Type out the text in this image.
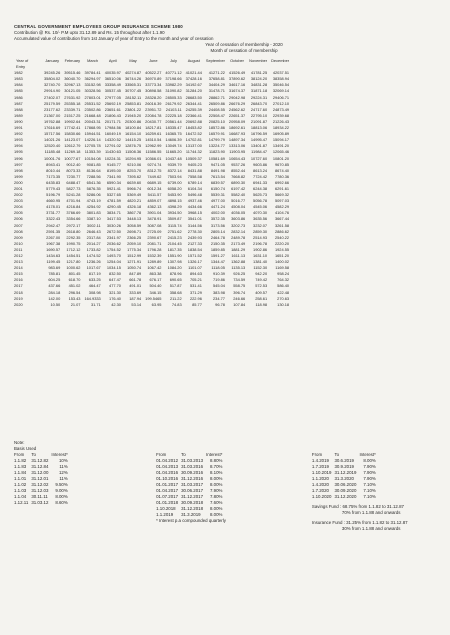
CENTRAL GOVERNMENT EMPLOYEES GROUP INSURANCE SCHEME 1980
Contribution @ Rs. 10/- P.M upto 31.12.89 and Rs. 15 throughout after 1.1.90
Accumulated value of contribution from 1st January of year of Entry to the month and year of cessation
Year of cessation of membership - 2020
Month of cessation of membership
Year of	January	February	March	April	May	June	July	August	September	October	November	December
Entry												
1982	39245.26	39515.46	39784.41	40035.97	40274.87	40522.27	40771.12	41021.44	41271.22	41526.49	41781.25	42037.51
1983	35804.02	36040.70	36294.97	36510.06	36744.26	36970.89	37198.66	37428.16	37658.81	37890.62	38124.20	38358.94
1984	32740.70	32967.13	33152.98	33358.49	33565.31	33773.34	33982.29	34192.67	34404.29	34617.16	34831.28	35046.54
1985	29914.90	30121.05	30328.56	30537.45	30707.45	30898.58	31090.82	31284.20	31478.71	31674.37	31871.18	32069.14
1986	27402.07	27631.92	27803.01	27977.05	28152.11	28328.20	28505.33	28683.50	28862.71	29042.98	29224.31	29406.71
1987	25179.59	25355.18	25531.52	25692.19	25853.81	26016.39	26179.92	26344.41	26509.86	26676.29	26843.70	27012.10
1988	23177.62	23339.71	23502.86	23651.61	23801.22	23951.72	24103.11	24255.39	24408.55	24562.62	24717.60	24873.49
1989	21367.00	21517.25	21668.48	21806.43	21945.20	22084.78	22225.18	22366.41	22508.47	22651.37	22795.10	22939.68
1990	19762.88	19902.64	20043.31	20171.71	20300.86	20430.77	20561.44	20692.88	20825.10	20958.09	21091.87	21226.43
1991	17616.69	17742.41	17868.95	17984.56	18100.84	18217.81	18335.47	18453.82	18572.86	18692.61	18813.06	18934.22
1992	15717.56	15830.66	15944.51	16049.19	16154.10	16259.61	16365.75	16472.52	16579.91	16687.93	16796.59	16905.89
1993	14021.26	14123.07	14226.14	14320.52	14415.25	14510.54	14606.39	14702.81	14799.79	14897.34	14995.47	15094.17
1994	12520.40	12612.79	12705.78	12791.02	12876.75	12962.99	13049.74	13137.00	13224.77	13313.06	13401.87	13491.20
1995	11185.48	11269.18	11353.39	11430.63	11508.36	11586.55	11665.20	11744.32	11823.90	11903.95	11984.47	12065.46
1996	10001.76	10077.67	10154.08	10224.31	10294.95	10366.01	10437.48	10509.37	10581.69	10654.43	10727.60	10801.20
1997	8943.41	9012.40	9081.85	9145.77	9210.06	9274.74	9339.79	9405.23	9471.05	9537.26	9603.86	9670.85
1998	8010.44	8073.33	8136.64	8195.00	8253.70	8312.75	8372.14	8431.88	8491.98	8552.44	8613.24	8674.40
1999	7173.35	7230.77	7288.56	7341.90	7395.62	7449.62	7503.94	7558.58	7613.54	7668.82	7724.42	7780.36
2000	6435.83	6488.47	6541.36	6590.34	6639.60	6689.15	6739.00	6789.14	6839.57	6890.30	6941.33	6992.66
2001	5779.43	5827.73	5876.35	5921.41	5966.74	6012.34	6058.20	6104.34	6150.74	6197.42	6244.38	6291.61
2002	5196.79	5241.28	5286.06	5327.65	5369.49	5411.57	5453.90	5496.48	5539.31	5582.40	5625.73	5669.32
2003	4660.95	4701.94	4743.19	4781.59	4820.21	4859.07	4898.15	4937.46	4977.00	5016.77	5056.78	5097.03
2004	4178.01	4216.84	4254.92	4290.45	4326.18	4362.13	4398.29	4434.66	4471.24	4508.04	4545.06	4582.29
2005	3731.77	3766.69	3801.83	3834.71	3867.78	3901.04	3934.50	3968.15	4002.00	4036.05	4070.30	4104.76
2006	3322.43	3354.66	3387.10	3417.53	3448.13	3478.91	3509.87	3541.01	3572.35	3603.86	3635.56	3667.44
2007	2942.47	2972.17	3002.11	3030.26	3058.59	3087.08	3115.74	3144.56	3173.56	3202.73	3232.07	3261.58
2008	2591.35	2618.80	2646.43	2672.50	2698.71	2725.09	2751.62	2778.30	2805.14	2832.14	2859.30	2886.62
2009	2267.00	2292.35	2317.84	2341.97	2366.25	2390.67	2415.23	2439.93	2464.78	2489.78	2514.93	2540.22
2010	1967.38	1990.75	2014.27	2036.62	2059.10	2081.71	2104.45	2127.33	2150.35	2173.49	2196.78	2220.20
2011	1690.57	1712.12	1733.82	1754.52	1775.34	1796.28	1817.35	1838.54	1859.85	1881.29	1902.86	1924.55
2012	1434.63	1454.51	1474.52	1493.70	1512.99	1532.39	1551.90	1571.52	1591.27	1611.13	1631.10	1651.20
2013	1199.45	1217.80	1236.26	1254.04	1271.91	1289.89	1307.98	1326.17	1344.47	1362.88	1381.40	1400.02
2014	983.69	1000.62	1017.67	1034.15	1050.74	1067.42	1084.20	1101.07	1118.05	1135.13	1152.30	1169.58
2015	785.81	801.45	817.19	832.50	847.89	863.38	878.96	894.63	910.39	926.25	942.20	958.24
2016	604.25	618.70	633.25	647.47	661.78	676.17	690.65	705.21	719.86	734.59	749.42	764.32
2017	437.66	451.02	464.47	477.70	491.01	504.40	517.87	531.41	545.04	558.75	572.53	586.40
2018	284.18	296.54	308.98	321.30	333.69	346.15	358.68	371.29	383.98	396.74	409.57	422.48
2019	142.00	153.43	164.9333	176.40	187.94	199.5465	211.22	222.96	234.77	246.66	258.61	270.63
2020	10.50	21.07	31.71	42.30	53.14	63.95	74.83	85.77	96.78	107.84	118.98	130.18
Note:
Basis Used
From	To	Interest*
1.1.82	31.12.82	10%
1.1.83	31.12.84	11%
1.1.84	31.12.00	12%
1.1.01	31.12.01	11%
1.1.02	31.12.02	9.50%
1.1.03	31.12.03	9.00%
1.1.04	30.11.11	8.00%
1.12.11	31.03.12	8.60%
From	To	Interest*
01.04.2012	31.03.2013	8.80%
01.04.2013	31.03.2016	8.70%
01.04.2016	30.09.2016	8.10%
01.10.2016	31.12.2016	8.00%
01.01.2017	31.03.2017	8.00%
01.04.2017	30.06.2017	7.90%
01.07.2017	31.12.2017	7.80%
01.01.2018	30.09.2018	7.60%
1.10.2018	31.12.2018	8.00%
1.1.2019	31.3.2019	8.00%
* Interest p.a compounded quarterly
From	To	Interest*
1.4.2019	30.6.2019	8.00%
1.7.2019	30.9.2019	7.90%
1.10.2019	31.12.2019	7.90%
1.1.2020	31.3.2020	7.90%
1.4.2020	30.06.2020	7.10%
1.7.2020	30.09.2020	7.10%
1.10.2020	31.12.2020	7.10%
Savings Fund : 68.75% from 1.1.82 to 31.12.87
70% from 1.1.88 and onwards
Insurance Fund : 31.25% from 1.1.82 to 31.12.87
30% from 1.1.88 and onwards
